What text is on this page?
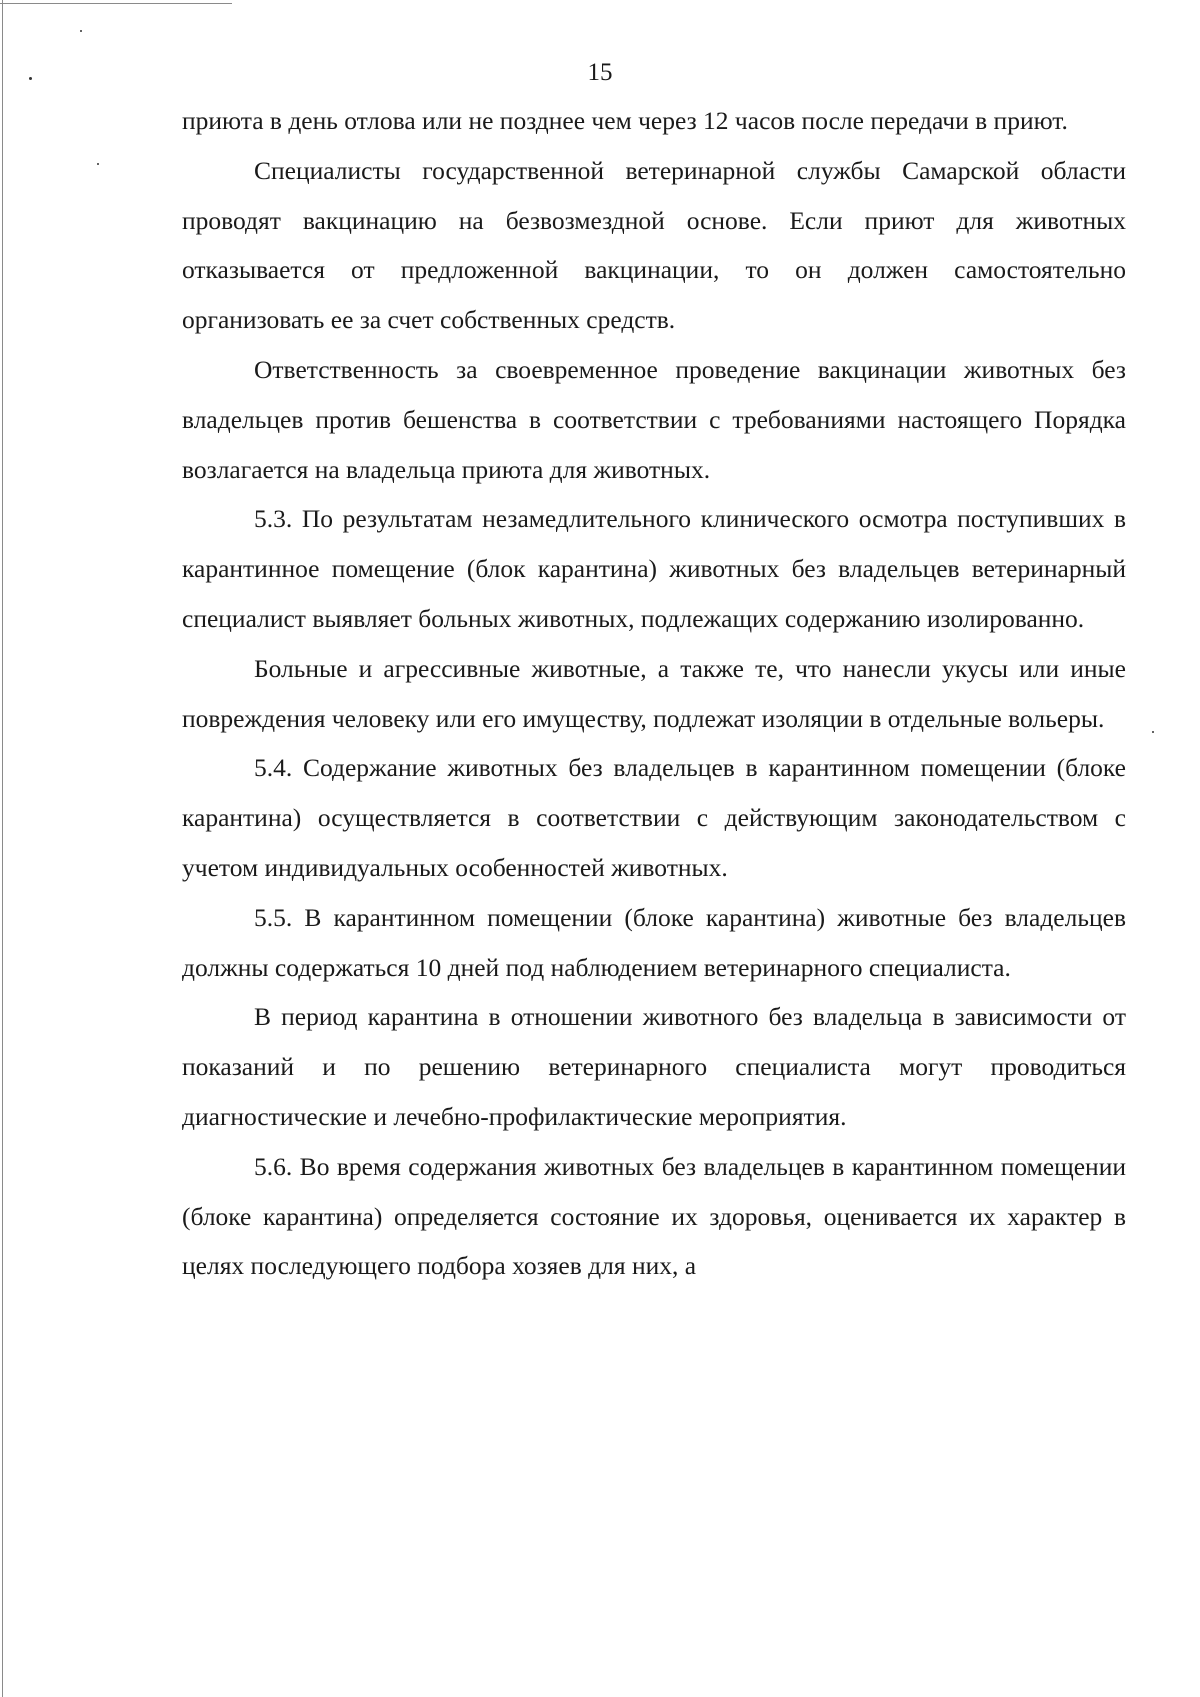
15

приюта в день отлова или не позднее чем через 12 часов после передачи в приют.

Специалисты государственной ветеринарной службы Самарской области проводят вакцинацию на безвозмездной основе. Если приют для животных отказывается от предложенной вакцинации, то он должен самостоятельно организовать ее за счет собственных средств.

Ответственность за своевременное проведение вакцинации животных без владельцев против бешенства в соответствии с требованиями настоящего Порядка возлагается на владельца приюта для животных.

5.3. По результатам незамедлительного клинического осмотра поступивших в карантинное помещение (блок карантина) животных без владельцев ветеринарный специалист выявляет больных животных, подлежащих содержанию изолированно.

Больные и агрессивные животные, а также те, что нанесли укусы или иные повреждения человеку или его имуществу, подлежат изоляции в отдельные вольеры.

5.4. Содержание животных без владельцев в карантинном помещении (блоке карантина) осуществляется в соответствии с действующим законодательством с учетом индивидуальных особенностей животных.

5.5. В карантинном помещении (блоке карантина) животные без владельцев должны содержаться 10 дней под наблюдением ветеринарного специалиста.

В период карантина в отношении животного без владельца в зависимости от показаний и по решению ветеринарного специалиста могут проводиться диагностические и лечебно-профилактические мероприятия.

5.6. Во время содержания животных без владельцев в карантинном помещении (блоке карантина) определяется состояние их здоровья, оценивается их характер в целях последующего подбора хозяев для них, а
